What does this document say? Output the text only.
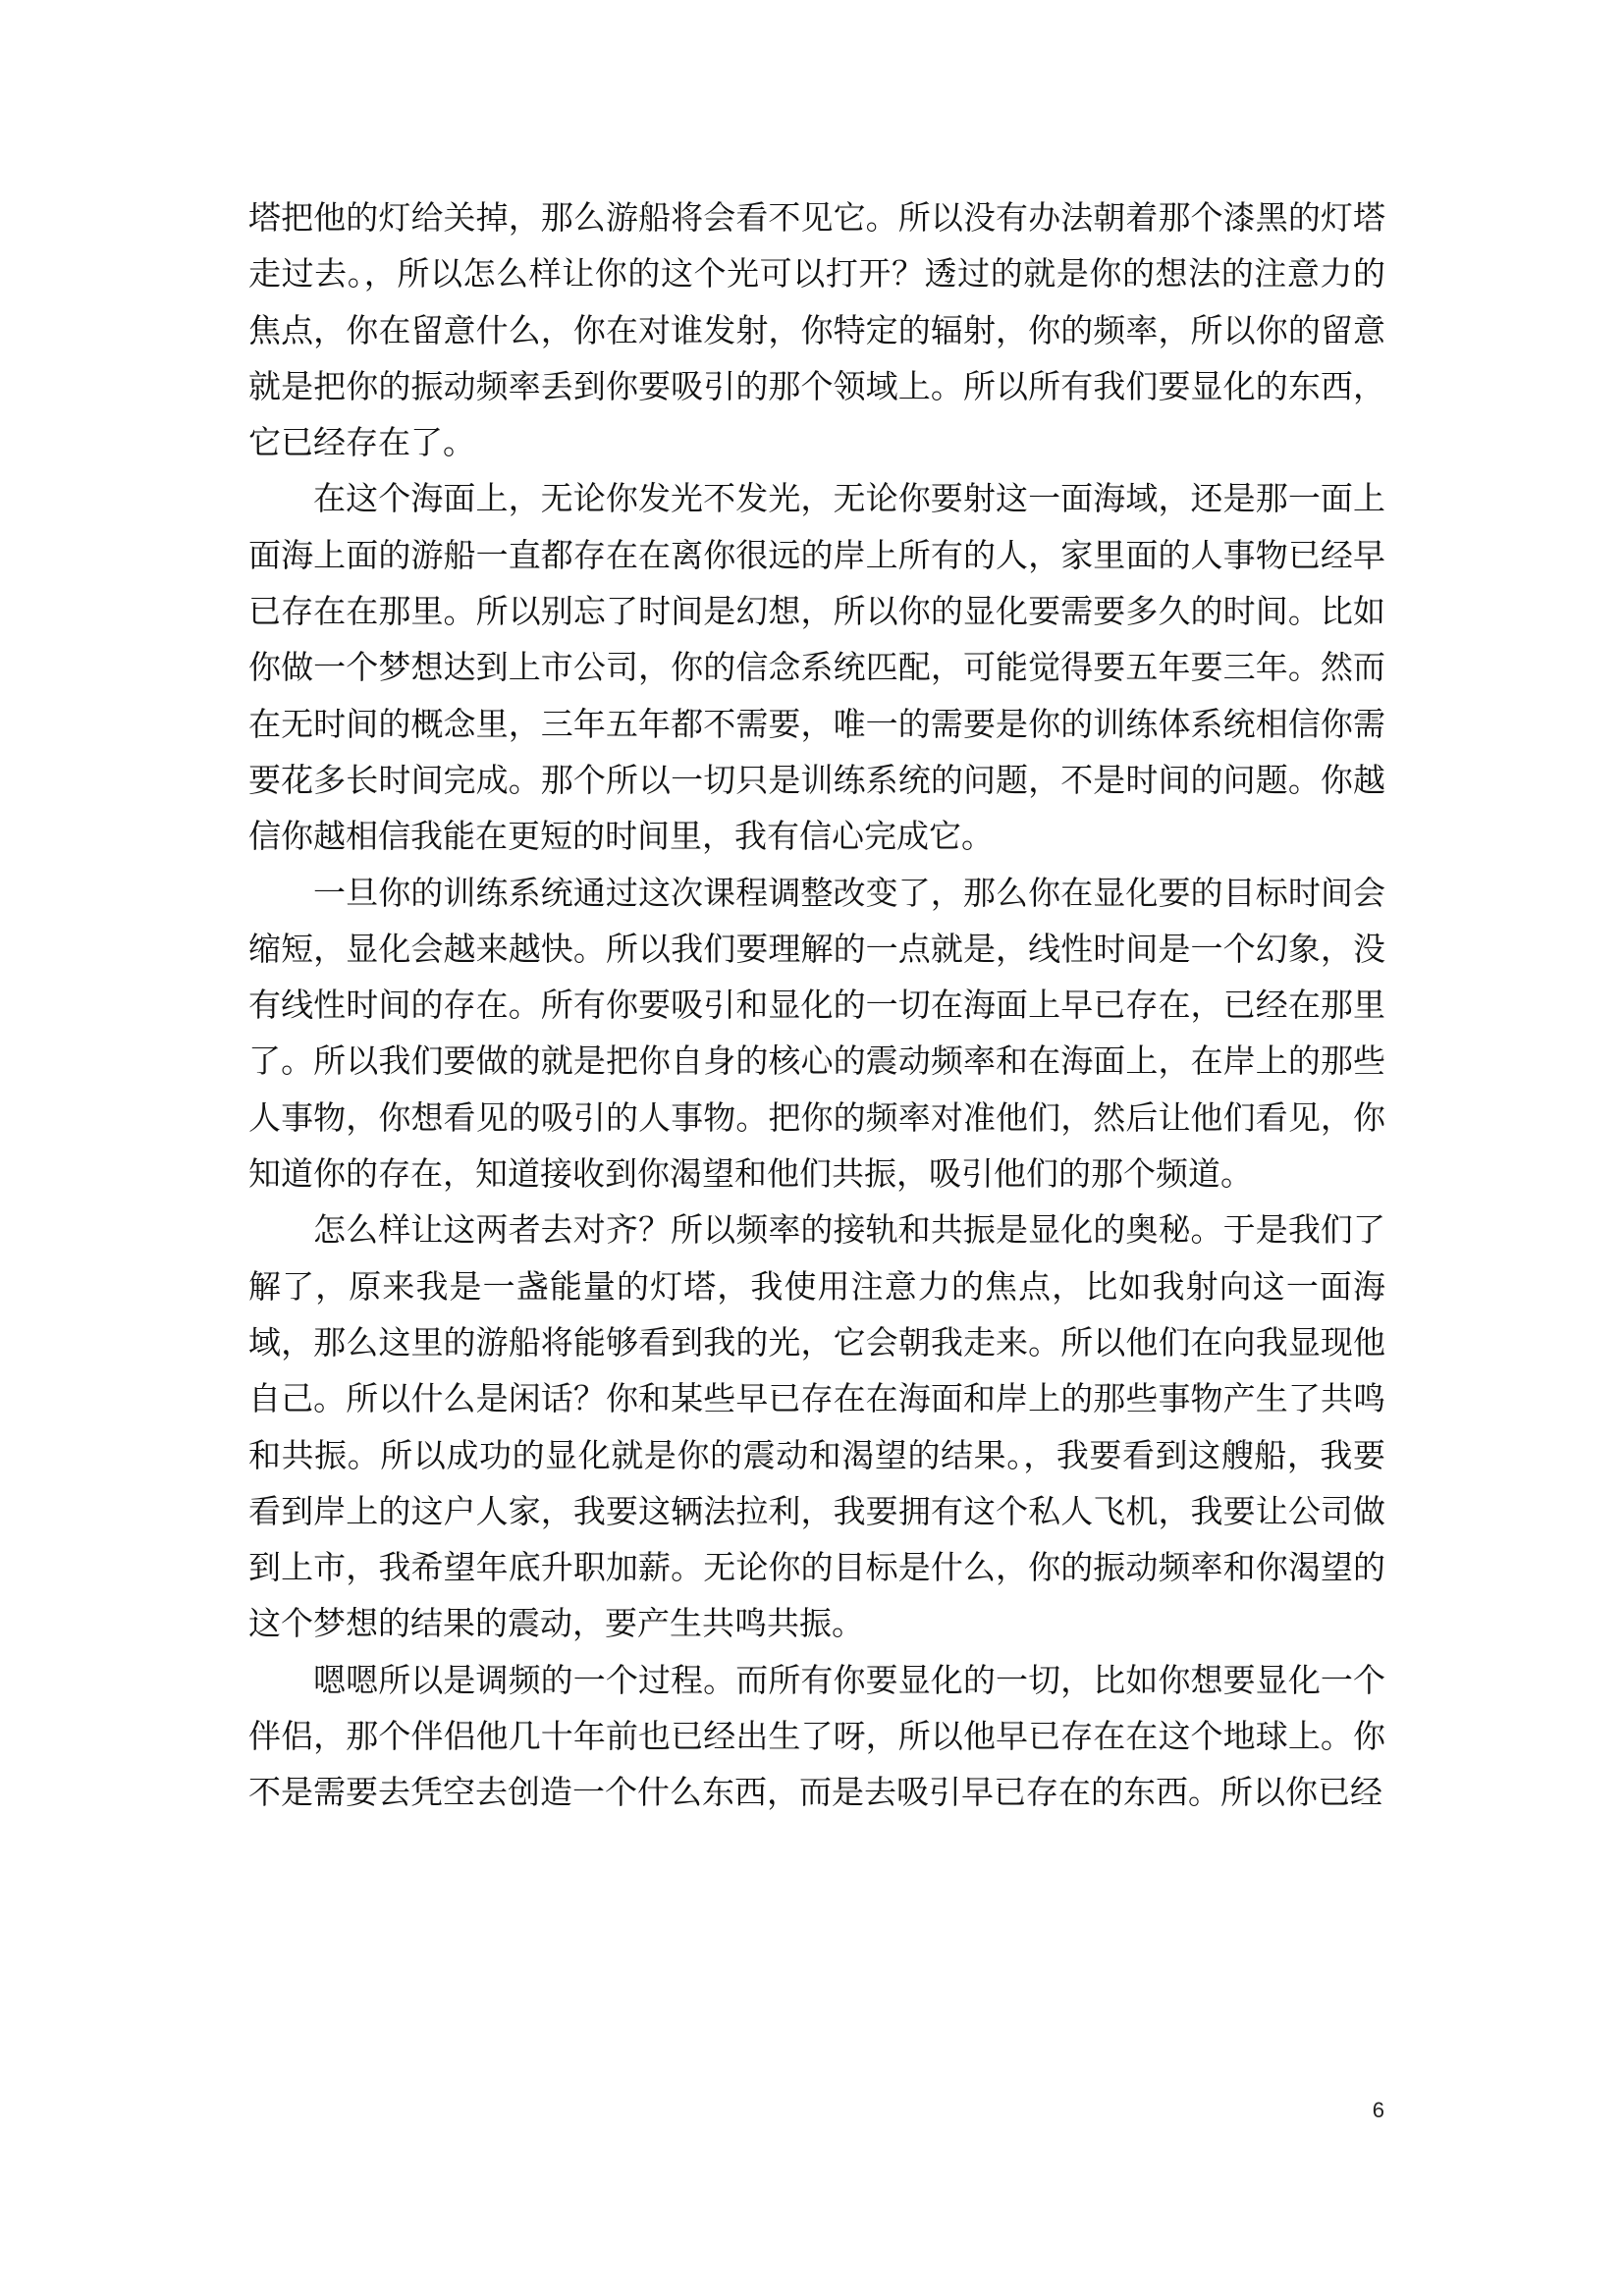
塔把他的灯给关掉，那么游船将会看不见它。所以没有办法朝着那个漆黑的灯塔走过去。，所以怎么样让你的这个光可以打开？透过的就是你的想法的注意力的焦点，你在留意什么，你在对谁发射，你特定的辐射，你的频率，所以你的留意就是把你的振动频率丢到你要吸引的那个领域上。所以所有我们要显化的东西，它已经存在了。

在这个海面上，无论你发光不发光，无论你要射这一面海域，还是那一面上面海上面的游船一直都存在在离你很远的岸上所有的人，家里面的人事物已经早已存在在那里。所以别忘了时间是幻想，所以你的显化要需要多久的时间。比如你做一个梦想达到上市公司，你的信念系统匹配，可能觉得要五年要三年。然而在无时间的概念里，三年五年都不需要，唯一的需要是你的训练体系统相信你需要花多长时间完成。那个所以一切只是训练系统的问题，不是时间的问题。你越信你越相信我能在更短的时间里，我有信心完成它。

一旦你的训练系统通过这次课程调整改变了，那么你在显化要的目标时间会缩短，显化会越来越快。所以我们要理解的一点就是，线性时间是一个幻象，没有线性时间的存在。所有你要吸引和显化的一切在海面上早已存在，已经在那里了。所以我们要做的就是把你自身的核心的震动频率和在海面上，在岸上的那些人事物，你想看见的吸引的人事物。把你的频率对准他们，然后让他们看见，你知道你的存在，知道接收到你渴望和他们共振，吸引他们的那个频道。

怎么样让这两者去对齐？所以频率的接轨和共振是显化的奥秘。于是我们了解了，原来我是一盏能量的灯塔，我使用注意力的焦点，比如我射向这一面海域，那么这里的游船将能够看到我的光，它会朝我走来。所以他们在向我显现他自己。所以什么是闲话？你和某些早已存在在海面和岸上的那些事物产生了共鸣和共振。所以成功的显化就是你的震动和渴望的结果。，我要看到这艘船，我要看到岸上的这户人家，我要这辆法拉利，我要拥有这个私人飞机，我要让公司做到上市，我希望年底升职加薪。无论你的目标是什么，你的振动频率和你渴望的这个梦想的结果的震动，要产生共鸣共振。

嗯嗯所以是调频的一个过程。而所有你要显化的一切，比如你想要显化一个伴侣，那个伴侣他几十年前也已经出生了呀，所以他早已存在在这个地球上。你不是需要去凭空去创造一个什么东西，而是去吸引早已存在的东西。所以你已经

6
